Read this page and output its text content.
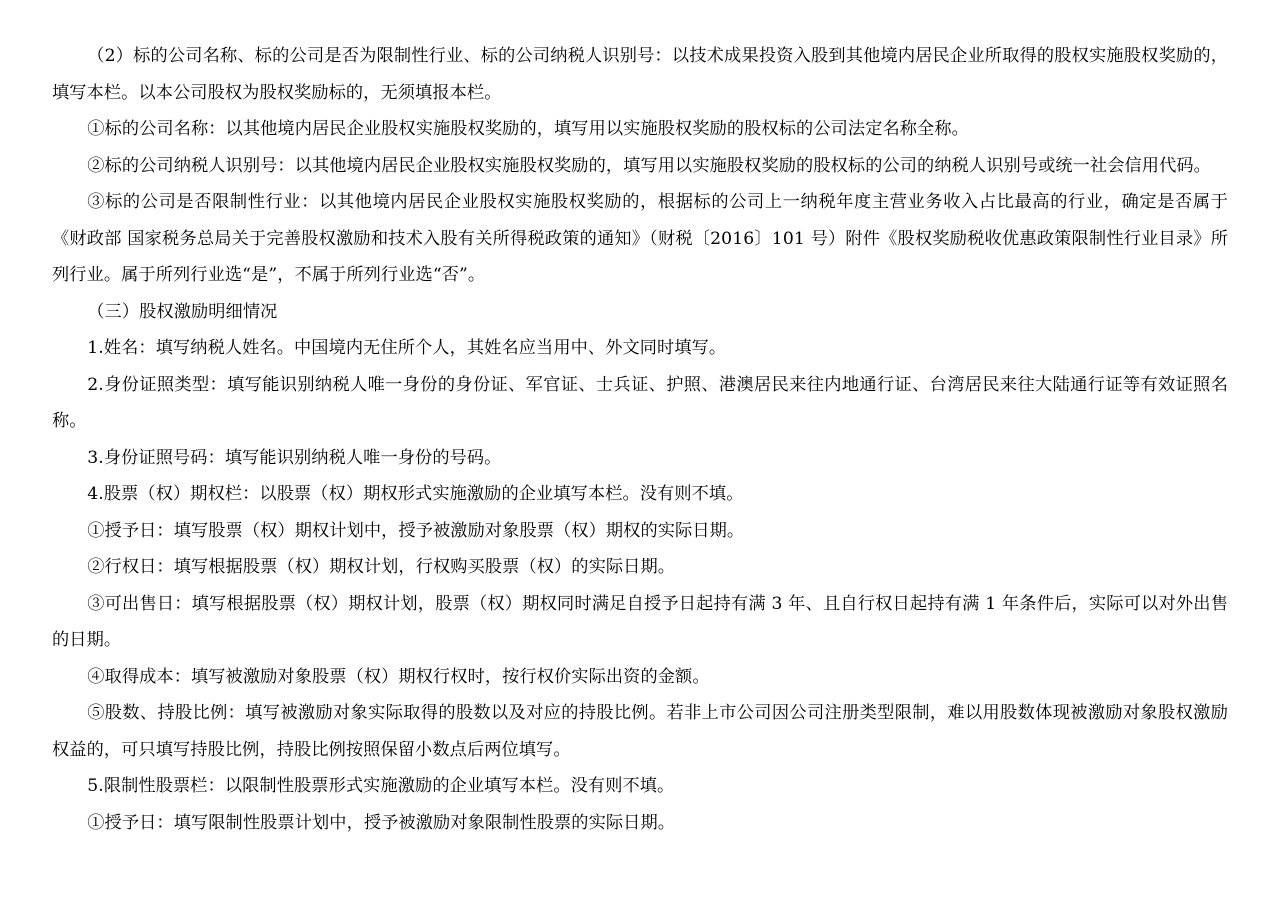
（2）标的公司名称、标的公司是否为限制性行业、标的公司纳税人识别号：以技术成果投资入股到其他境内居民企业所取得的股权实施股权奖励的，填写本栏。以本公司股权为股权奖励标的，无须填报本栏。

①标的公司名称：以其他境内居民企业股权实施股权奖励的，填写用以实施股权奖励的股权标的公司法定名称全称。

②标的公司纳税人识别号：以其他境内居民企业股权实施股权奖励的，填写用以实施股权奖励的股权标的公司的纳税人识别号或统一社会信用代码。

③标的公司是否限制性行业：以其他境内居民企业股权实施股权奖励的，根据标的公司上一纳税年度主营业务收入占比最高的行业，确定是否属于《财政部 国家税务总局关于完善股权激励和技术入股有关所得税政策的通知》（财税〔2016〕101 号）附件《股权奖励税收优惠政策限制性行业目录》所列行业。属于所列行业选“是”，不属于所列行业选“否”。

（三）股权激励明细情况

1.姓名：填写纳税人姓名。中国境内无住所个人，其姓名应当用中、外文同时填写。

2.身份证照类型：填写能识别纳税人唯一身份的身份证、军官证、士兵证、护照、港澳居民来往内地通行证、台湾居民来往大陆通行证等有效证照名称。

3.身份证照号码：填写能识别纳税人唯一身份的号码。

4.股票（权）期权栏：以股票（权）期权形式实施激励的企业填写本栏。没有则不填。

①授予日：填写股票（权）期权计划中，授予被激励对象股票（权）期权的实际日期。

②行权日：填写根据股票（权）期权计划，行权购买股票（权）的实际日期。

③可出售日：填写根据股票（权）期权计划，股票（权）期权同时满足自授予日起持有满 3 年、且自行权日起持有满 1 年条件后，实际可以对外出售的日期。

④取得成本：填写被激励对象股票（权）期权行权时，按行权价实际出资的金额。

⑤股数、持股比例：填写被激励对象实际取得的股数以及对应的持股比例。若非上市公司因公司注册类型限制，难以用股数体现被激励对象股权激励权益的，可只填写持股比例，持股比例按照保留小数点后两位填写。

5.限制性股票栏：以限制性股票形式实施激励的企业填写本栏。没有则不填。

①授予日：填写限制性股票计划中，授予被激励对象限制性股票的实际日期。
